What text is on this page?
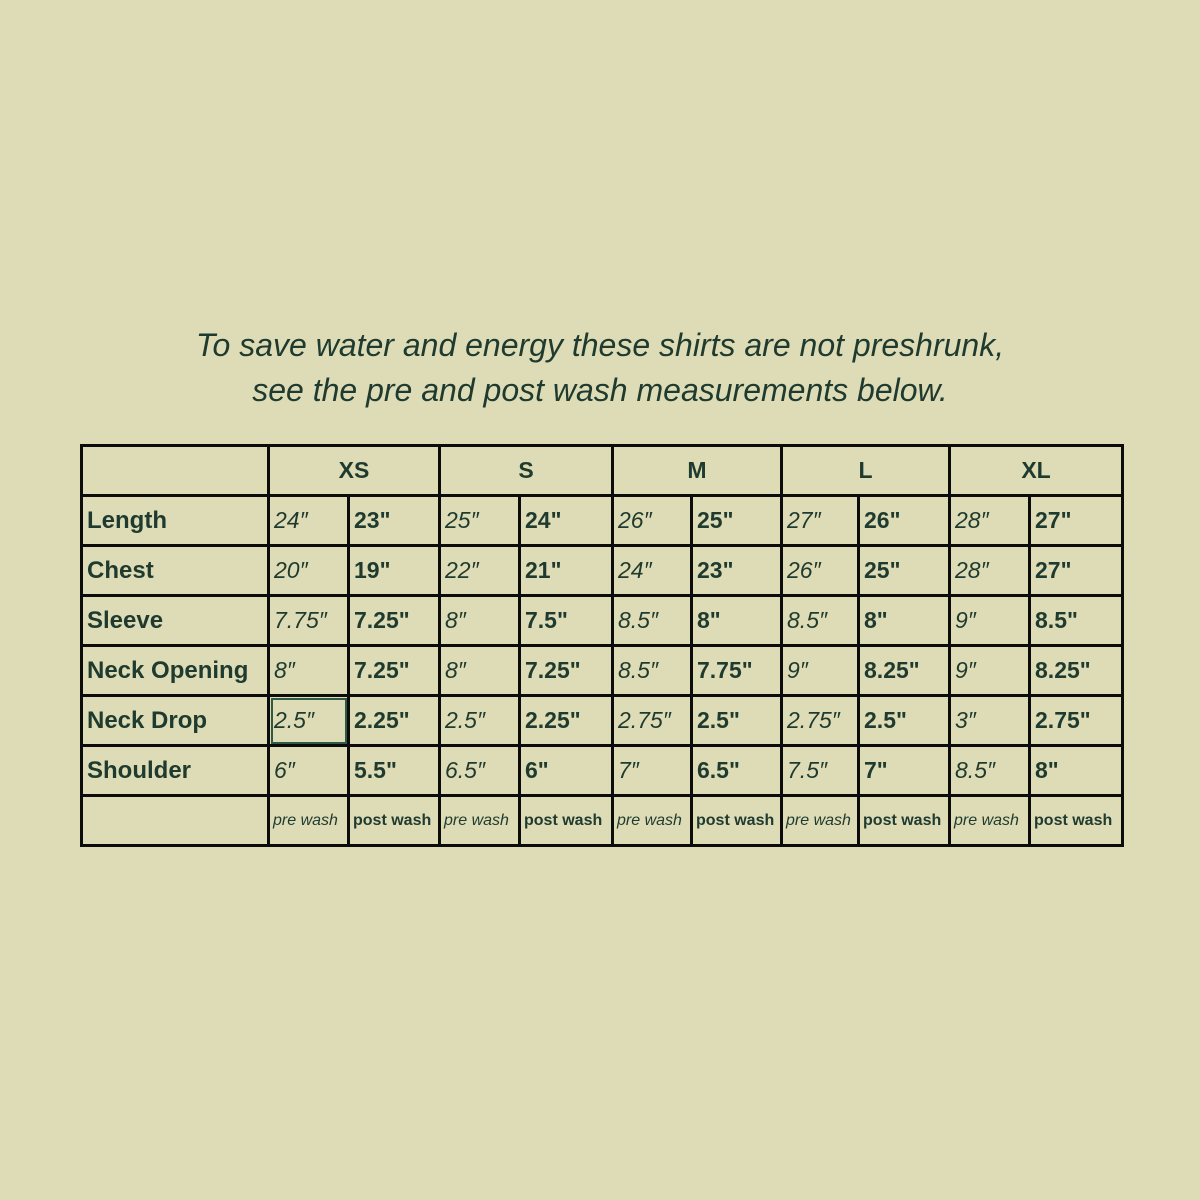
To save water and energy these shirts are not preshrunk,
see the pre and post wash measurements below.
	XS		S		M		L		XL	
Length	24″	23"	25″	24"	26″	25"	27″	26"	28″	27"
Chest	20″	19"	22″	21"	24″	23"	26″	25"	28″	27"
Sleeve	7.75″	7.25"	8″	7.5"	8.5″	8"	8.5″	8"	9″	8.5"
Neck Opening	8″	7.25"	8″	7.25"	8.5″	7.75"	9″	8.25"	9″	8.25"
Neck Drop	2.5″	2.25"	2.5″	2.25"	2.75″	2.5"	2.75″	2.5"	3″	2.75"
Shoulder	6″	5.5"	6.5″	6"	7″	6.5"	7.5″	7"	8.5″	8"
	pre wash	post wash	pre wash	post wash	pre wash	post wash	pre wash	post wash	pre wash	post wash
